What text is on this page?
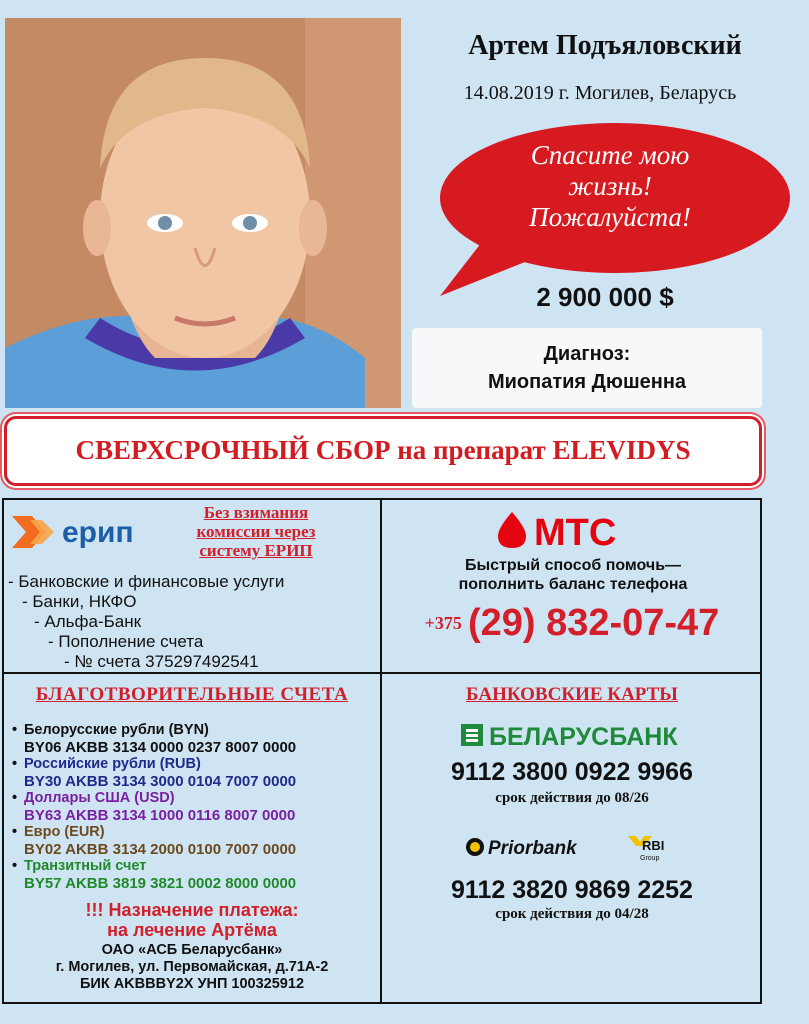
Артем Подъяловский
14.08.2019 г. Могилев, Беларусь
Спасите мою
жизнь!
Пожалуйста!
2 900 000 $
Диагноз:
Миопатия Дюшенна
СВЕРХСРОЧНЫЙ СБОР на препарат ELEVIDYS
ерип
Без взимания
комиссии через
систему ЕРИП
- Банковские и финансовые услуги
- Банки, НКФО
- Альфа-Банк
- Пополнение счета
- № счета 375297492541
МТС
Быстрый способ помочь—
пополнить баланс телефона
+375 (29) 832-07-47
БЛАГОТВОРИТЕЛЬНЫЕ СЧЕТА
• Белорусские рубли (BYN)
BY06 AKBB 3134 0000 0237 8007 0000
• Российские рубли (RUB)
BY30 AKBB 3134 3000 0104 7007 0000
• Доллары США (USD)
BY63 AKBB 3134 1000 0116 8007 0000
• Евро (EUR)
BY02 AKBB 3134 2000 0100 7007 0000
• Транзитный счет
BY57 AKBB 3819 3821 0002 8000 0000
!!! Назначение платежа:
на лечение Артёма
ОАО «АСБ Беларусбанк»
г. Могилев, ул. Первомайская, д.71А-2
БИК AKBBBY2X УНП 100325912
БАНКОВСКИЕ КАРТЫ
БЕЛАРУСБАНК
9112 3800 0922 9966
срок действия до 08/26
Priorbank	RBI
Group
9112 3820 9869 2252
срок действия до 04/28
